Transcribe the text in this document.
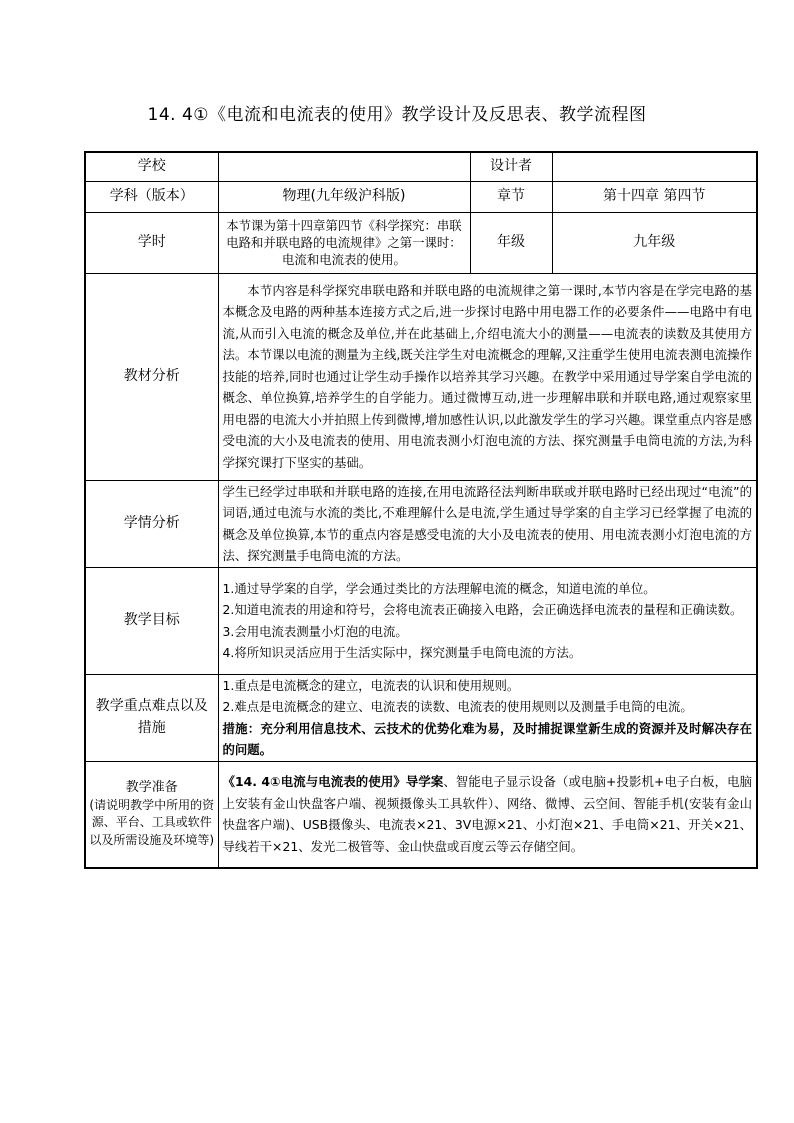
14. 4①《电流和电流表的使用》教学设计及反思表、教学流程图
学校		设计者	
学科（版本）	物理(九年级沪科版)	章节	第十四章 第四节
学时	本节课为第十四章第四节《科学探究：串联电路和并联电路的电流规律》之第一课时：电流和电流表的使用。	年级	九年级
教材分析	本节内容是科学探究串联电路和并联电路的电流规律之第一课时,本节内容是在学完电路的基本概念及电路的两种基本连接方式之后,进一步探讨电路中用电器工作的必要条件——电路中有电流,从而引入电流的概念及单位,并在此基础上,介绍电流大小的测量——电流表的读数及其使用方法。本节课以电流的测量为主线,既关注学生对电流概念的理解,又注重学生使用电流表测电流操作技能的培养,同时也通过让学生动手操作以培养其学习兴趣。在教学中采用通过导学案自学电流的概念、单位换算,培养学生的自学能力。通过微博互动,进一步理解串联和并联电路,通过观察家里用电器的电流大小并拍照上传到微博,增加感性认识,以此激发学生的学习兴趣。课堂重点内容是感受电流的大小及电流表的使用、用电流表测小灯泡电流的方法、探究测量手电筒电流的方法,为科学探究课打下坚实的基础。		
学情分析	学生已经学过串联和并联电路的连接,在用电流路径法判断串联或并联电路时已经出现过“电流”的词语,通过电流与水流的类比,不难理解什么是电流,学生通过导学案的自主学习已经掌握了电流的概念及单位换算,本节的重点内容是感受电流的大小及电流表的使用、用电流表测小灯泡电流的方法、探究测量手电筒电流的方法。		
教学目标	1.通过导学案的自学，学会通过类比的方法理解电流的概念，知道电流的单位。
2.知道电流表的用途和符号，会将电流表正确接入电路，会正确选择电流表的量程和正确读数。
3.会用电流表测量小灯泡的电流。
4.将所知识灵活应用于生活实际中，探究测量手电筒电流的方法。		

教学重点难点以及措施	1.重点是电流概念的建立，电流表的认识和使用规则。
2.难点是电流概念的建立、电流表的读数、电流表的使用规则以及测量手电筒的电流。
措施：充分利用信息技术、云技术的优势化难为易，及时捕捉课堂新生成的资源并及时解决存在的问题。		

教学准备
(请说明教学中所用的资源、平台、工具或软件以及所需设施及环境等)	《14. 4①电流与电流表的使用》导学案、智能电子显示设备（或电脑+投影机+电子白板，电脑上安装有金山快盘客户端、视频摄像头工具软件）、网络、微博、云空间、智能手机(安装有金山快盘客户端)、USB摄像头、电流表×21、3V电源×21、小灯泡×21、手电筒×21、开关×21、导线若干×21、发光二极管等、金山快盘或百度云等云存储空间。		
